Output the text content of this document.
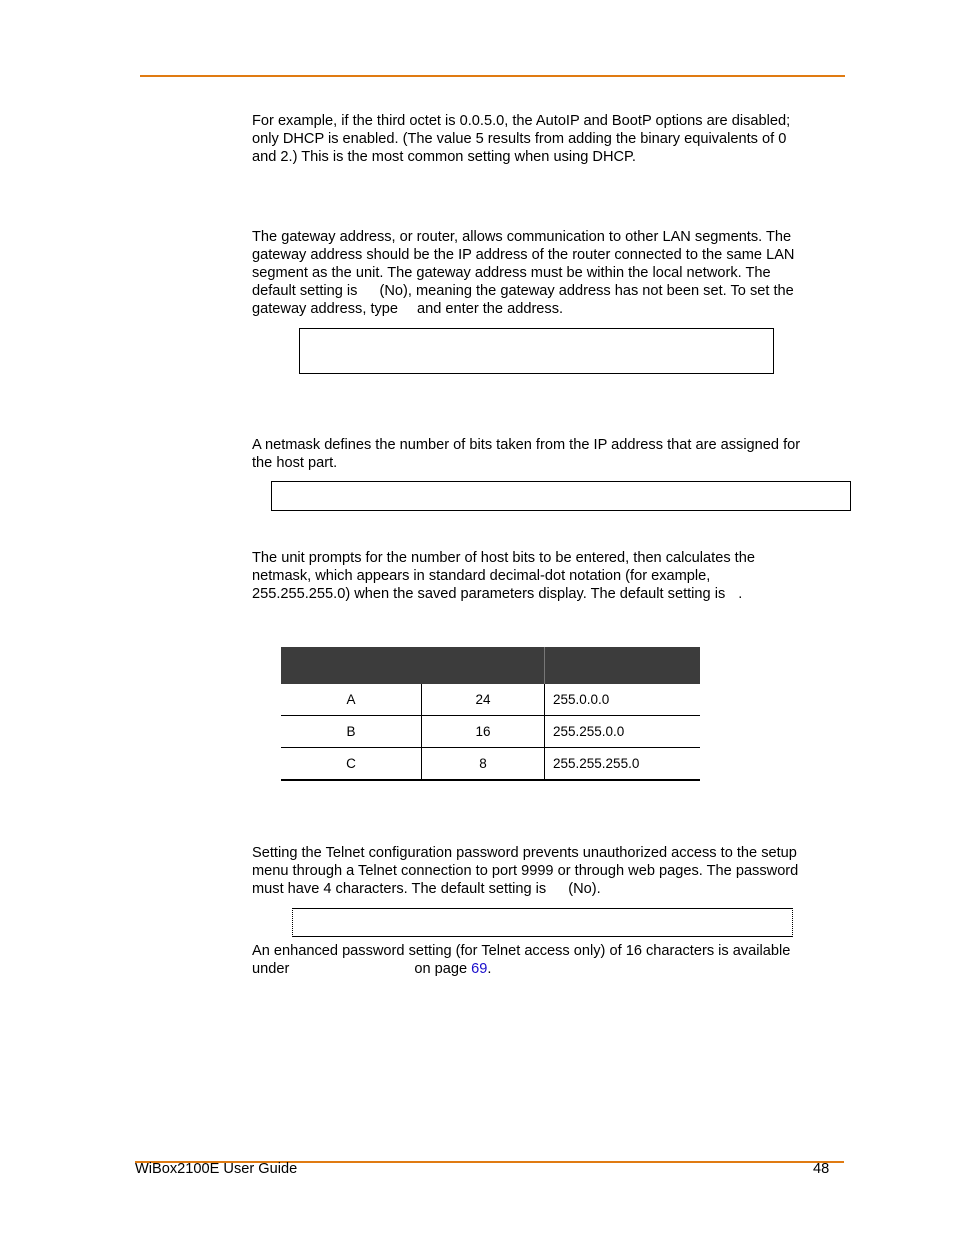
For example, if the third octet is 0.0.5.0, the AutoIP and BootP options are disabled;
only DHCP is enabled. (The value 5 results from adding the binary equivalents of 0
and 2.) This is the most common setting when using DHCP.

The gateway address, or router, allows communication to other LAN segments. The
gateway address should be the IP address of the router connected to the same LAN
segment as the unit. The gateway address must be within the local network. The
default setting is (No), meaning the gateway address has not been set. To set the
gateway address, type and enter the address.

A netmask defines the number of bits taken from the IP address that are assigned for
the host part.

The unit prompts for the number of host bits to be entered, then calculates the
netmask, which appears in standard decimal-dot notation (for example,
255.255.255.0) when the saved parameters display. The default setting is .

A	24	255.0.0.0
B	16	255.255.0.0
C	8	255.255.255.0

Setting the Telnet configuration password prevents unauthorized access to the setup
menu through a Telnet connection to port 9999 or through web pages. The password
must have 4 characters. The default setting is (No).

An enhanced password setting (for Telnet access only) of 16 characters is available
under	on page 69.

WiBox2100E User Guide	48
